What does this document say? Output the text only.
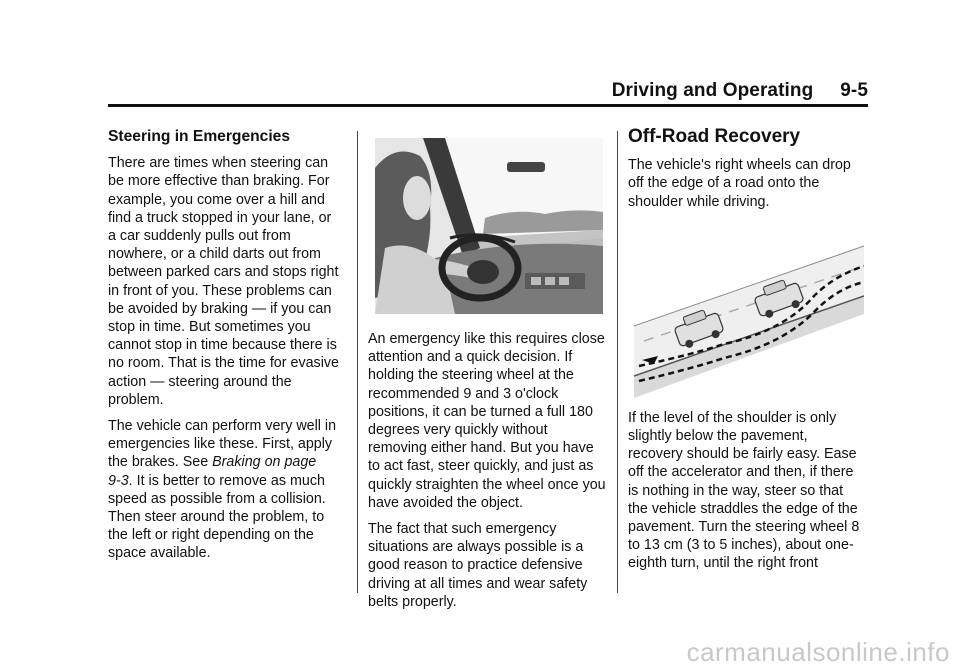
Driving and Operating 9-5
Steering in Emergencies

There are times when steering can be more effective than braking. For example, you come over a hill and find a truck stopped in your lane, or a car suddenly pulls out from nowhere, or a child darts out from between parked cars and stops right in front of you. These problems can be avoided by braking — if you can stop in time. But sometimes you cannot stop in time because there is no room. That is the time for evasive action — steering around the problem.

The vehicle can perform very well in emergencies like these. First, apply the brakes. See Braking on page 9‑3. It is better to remove as much speed as possible from a collision. Then steer around the problem, to the left or right depending on the space available.

An emergency like this requires close attention and a quick decision. If holding the steering wheel at the recommended 9 and 3 o'clock positions, it can be turned a full 180 degrees very quickly without removing either hand. But you have to act fast, steer quickly, and just as quickly straighten the wheel once you have avoided the object.

The fact that such emergency situations are always possible is a good reason to practice defensive driving at all times and wear safety belts properly.

Off-Road Recovery

The vehicle's right wheels can drop off the edge of a road onto the shoulder while driving.

If the level of the shoulder is only slightly below the pavement, recovery should be fairly easy. Ease off the accelerator and then, if there is nothing in the way, steer so that the vehicle straddles the edge of the pavement. Turn the steering wheel 8 to 13 cm (3 to 5 inches), about one-eighth turn, until the right front

carmanualsonline.info
